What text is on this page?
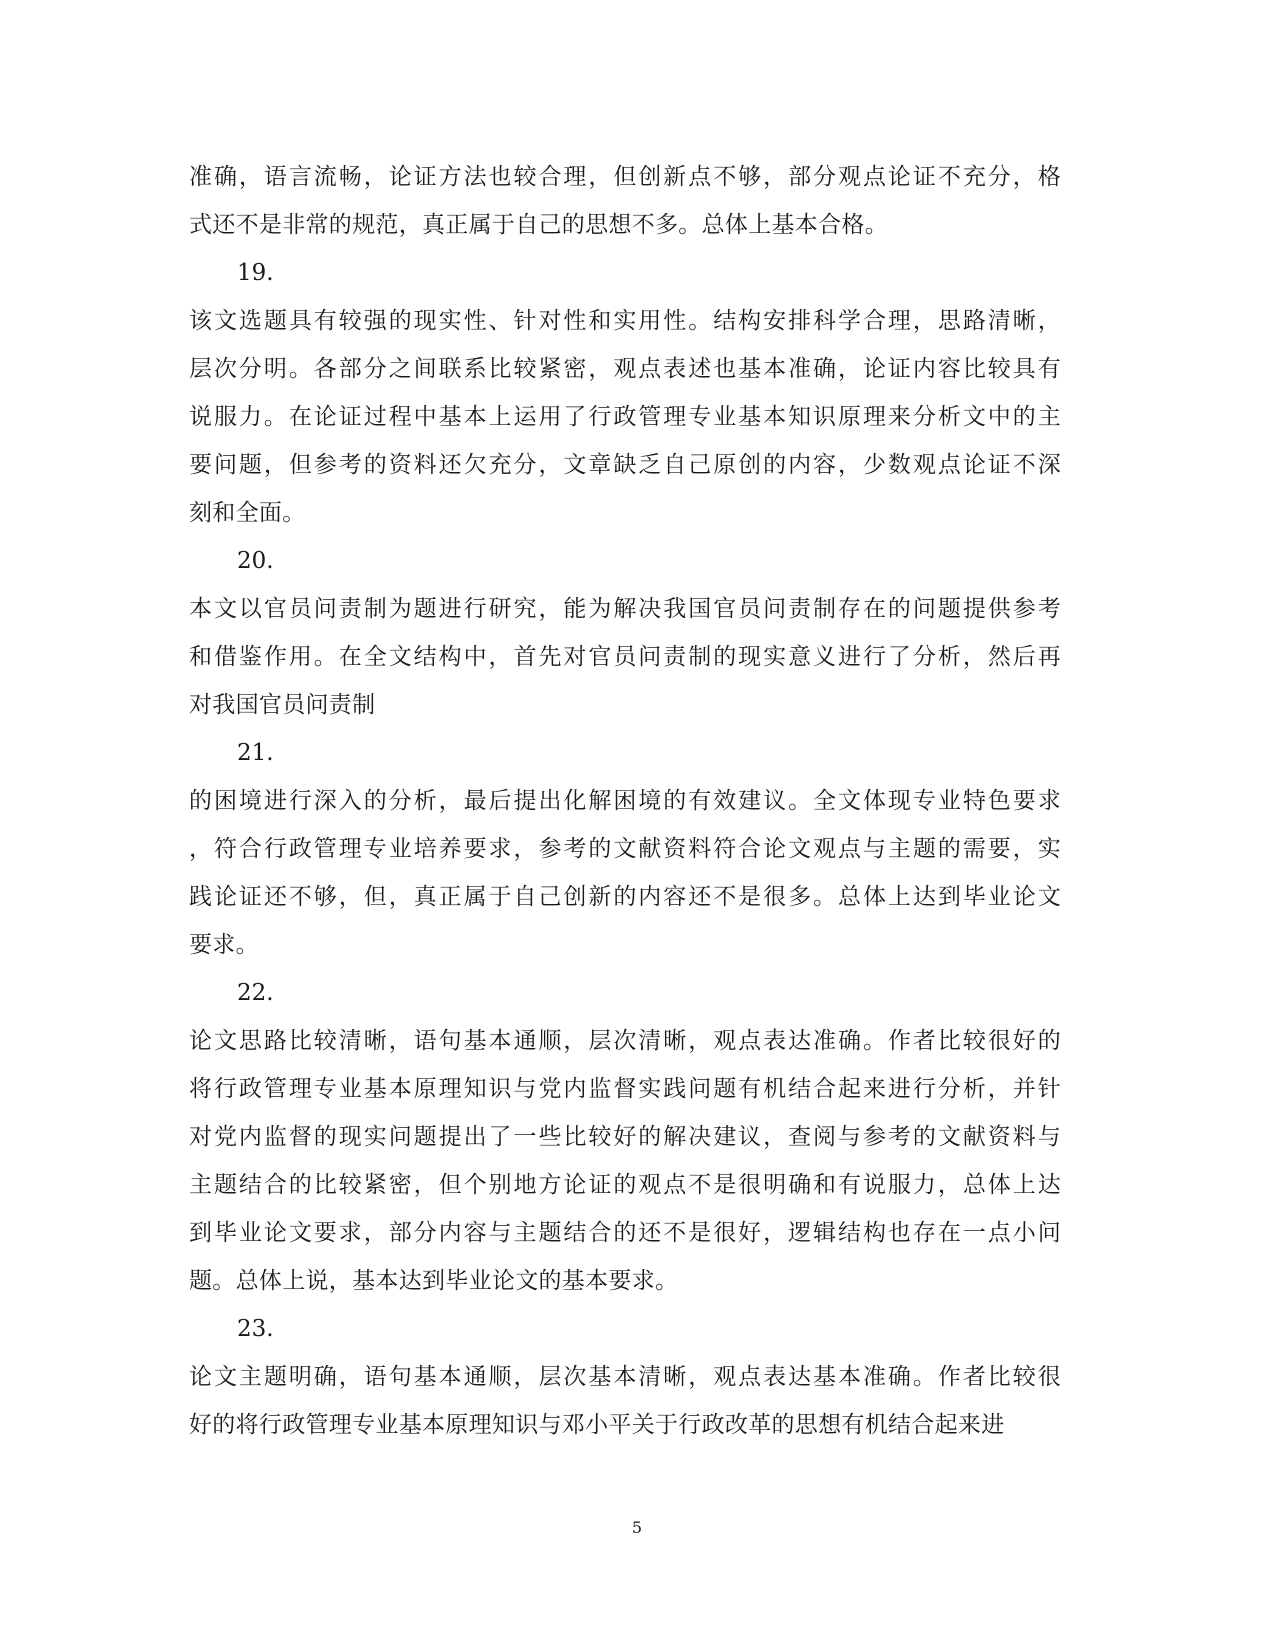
准确，语言流畅，论证方法也较合理，但创新点不够，部分观点论证不充分，格
式还不是非常的规范，真正属于自己的思想不多。总体上基本合格。
19.
该文选题具有较强的现实性、针对性和实用性。结构安排科学合理，思路清晰，
层次分明。各部分之间联系比较紧密，观点表述也基本准确，论证内容比较具有
说服力。在论证过程中基本上运用了行政管理专业基本知识原理来分析文中的主
要问题，但参考的资料还欠充分，文章缺乏自己原创的内容，少数观点论证不深
刻和全面。
20.
本文以官员问责制为题进行研究，能为解决我国官员问责制存在的问题提供参考
和借鉴作用。在全文结构中，首先对官员问责制的现实意义进行了分析，然后再
对我国官员问责制
21.
的困境进行深入的分析，最后提出化解困境的有效建议。全文体现专业特色要求
，符合行政管理专业培养要求，参考的文献资料符合论文观点与主题的需要，实
践论证还不够，但，真正属于自己创新的内容还不是很多。总体上达到毕业论文
要求。
22.
论文思路比较清晰，语句基本通顺，层次清晰，观点表达准确。作者比较很好的
将行政管理专业基本原理知识与党内监督实践问题有机结合起来进行分析，并针
对党内监督的现实问题提出了一些比较好的解决建议，查阅与参考的文献资料与
主题结合的比较紧密，但个别地方论证的观点不是很明确和有说服力，总体上达
到毕业论文要求，部分内容与主题结合的还不是很好，逻辑结构也存在一点小问
题。总体上说，基本达到毕业论文的基本要求。
23.
论文主题明确，语句基本通顺，层次基本清晰，观点表达基本准确。作者比较很
好的将行政管理专业基本原理知识与邓小平关于行政改革的思想有机结合起来进
5
